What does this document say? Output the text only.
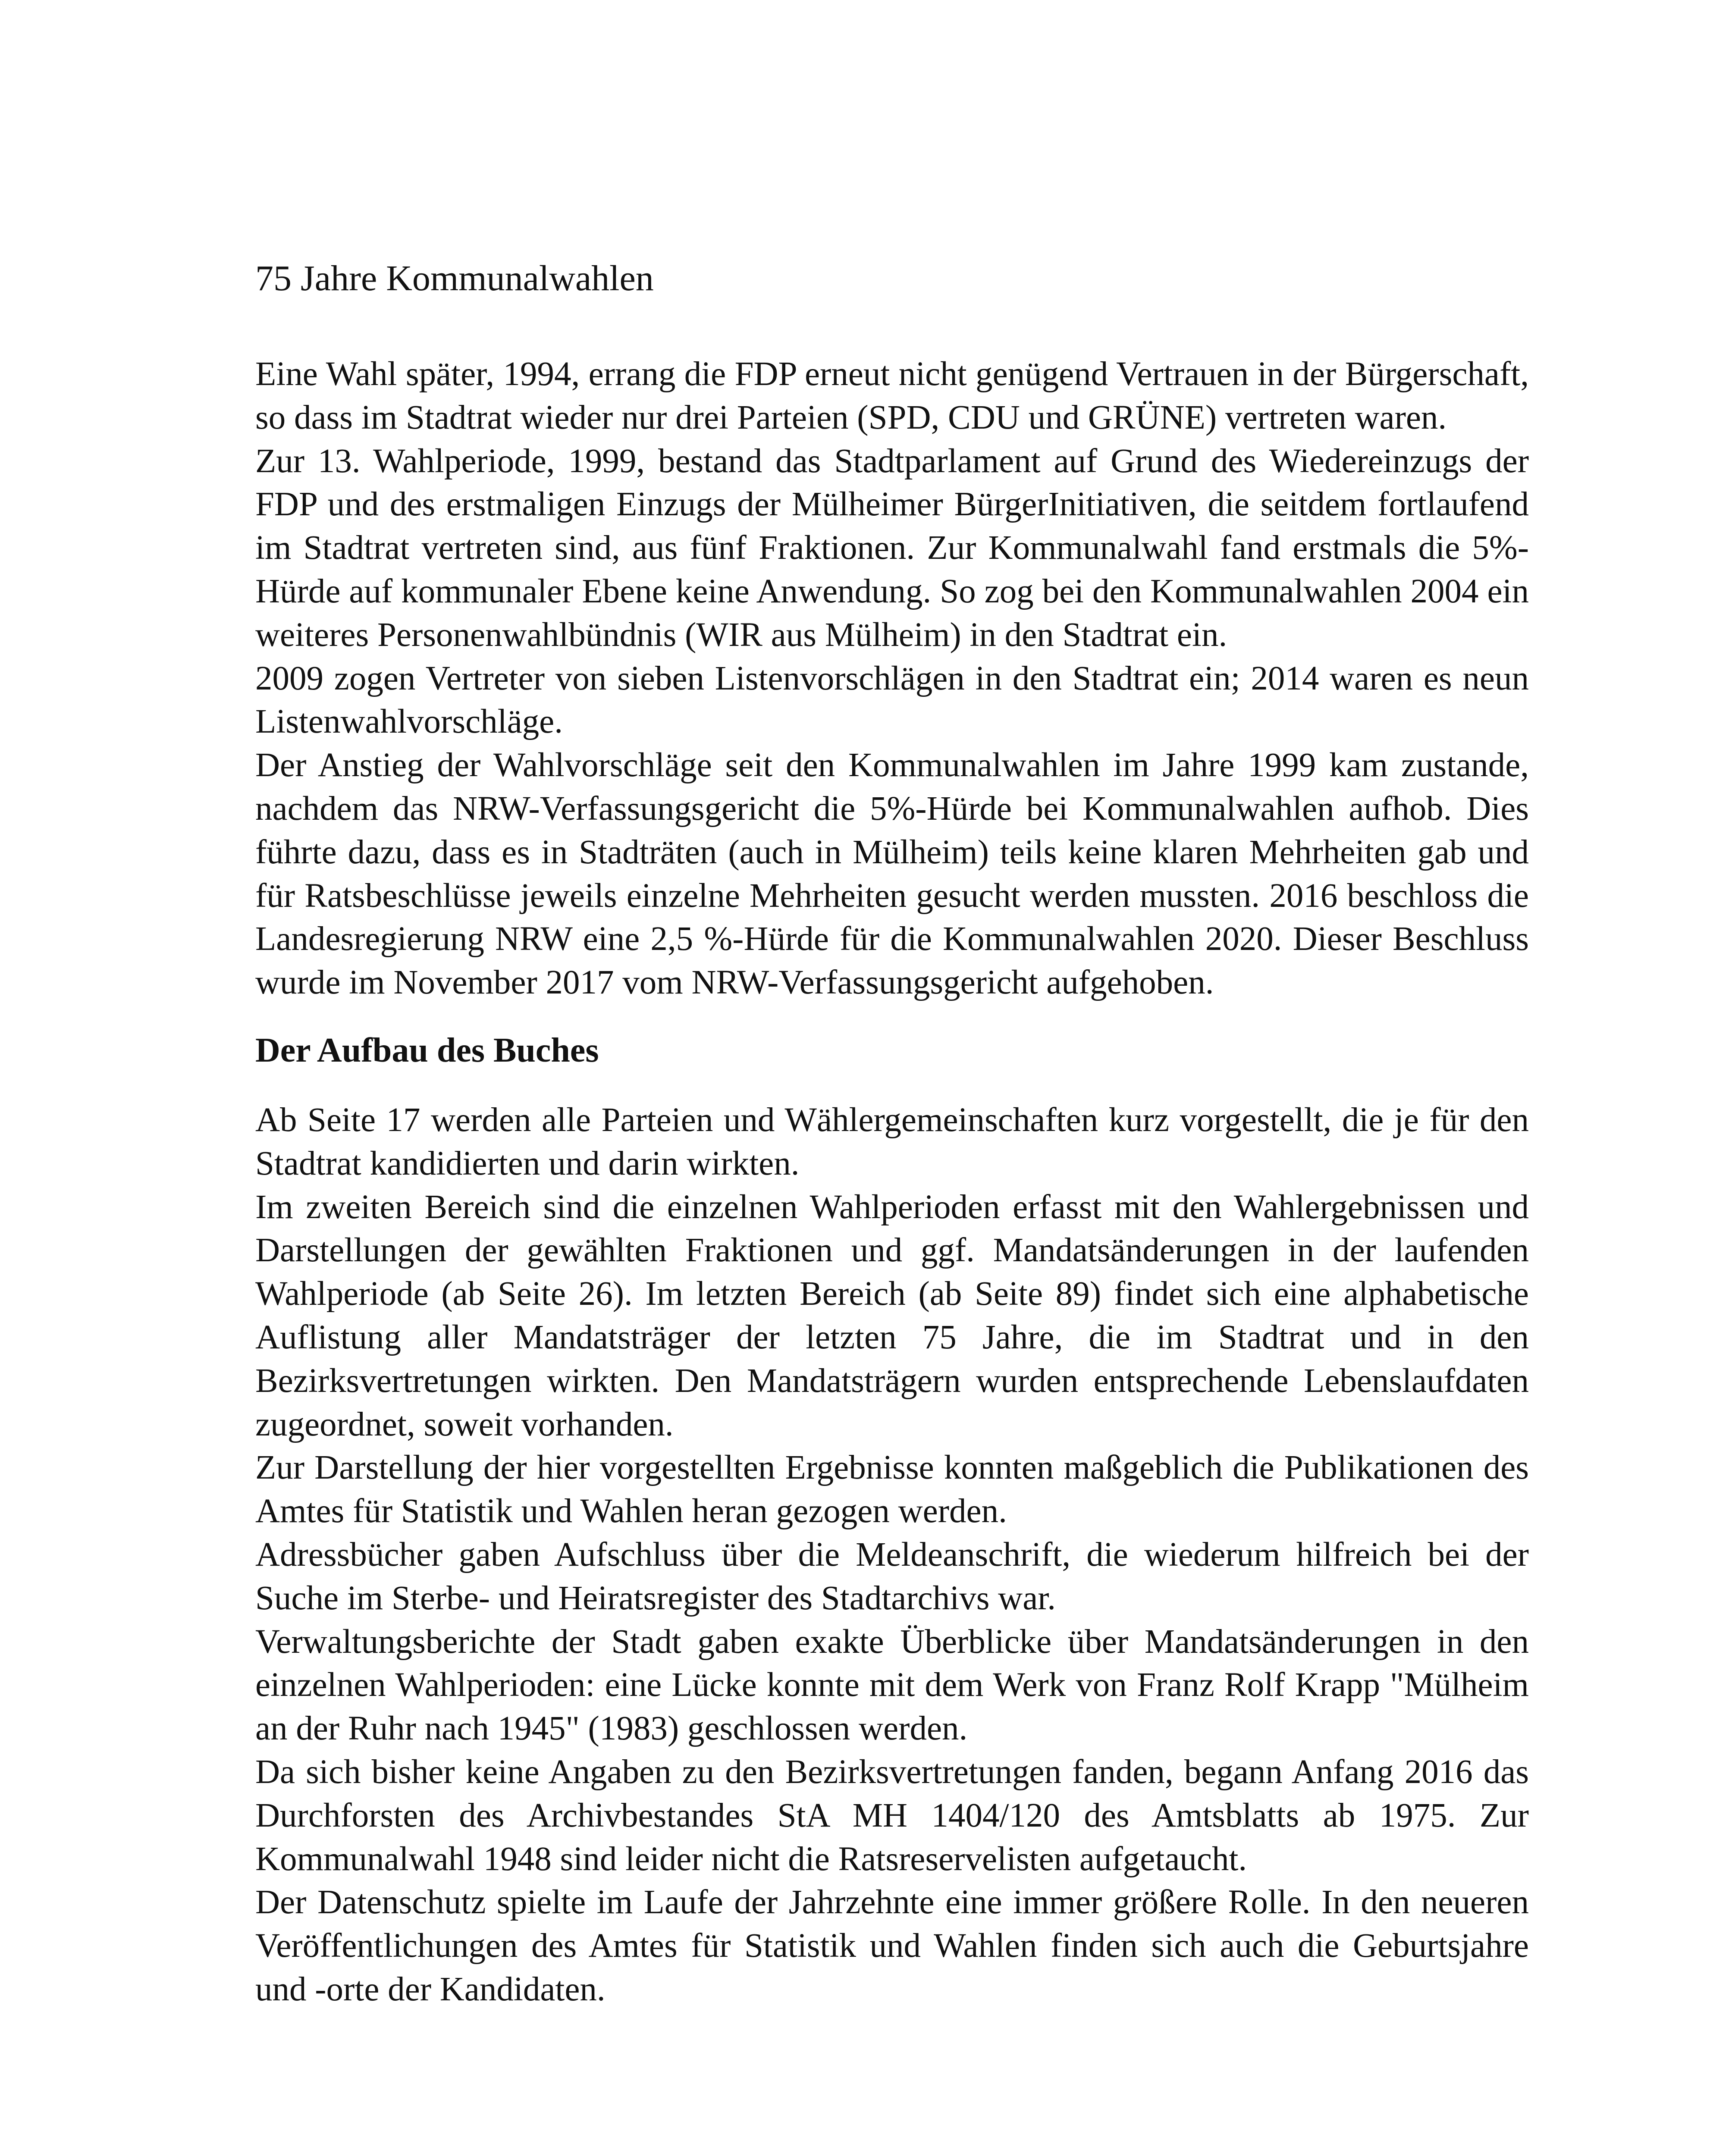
75 Jahre Kommunalwahlen

Eine Wahl später, 1994, errang die FDP erneut nicht genügend Vertrauen in der Bürgerschaft, so dass im Stadtrat wieder nur drei Parteien (SPD, CDU und GRÜNE) vertreten waren.

Zur 13. Wahlperiode, 1999, bestand das Stadtparlament auf Grund des Wiedereinzugs der FDP und des erstmaligen Einzugs der Mülheimer BürgerInitiativen, die seitdem fortlaufend im Stadtrat vertreten sind, aus fünf Fraktionen. Zur Kommunalwahl fand erstmals die 5%-Hürde auf kommunaler Ebene keine Anwendung. So zog bei den Kommunalwahlen 2004 ein weiteres Personenwahlbündnis (WIR aus Mülheim) in den Stadtrat ein.

2009 zogen Vertreter von sieben Listenvorschlägen in den Stadtrat ein; 2014 waren es neun Listenwahlvorschläge.

Der Anstieg der Wahlvorschläge seit den Kommunalwahlen im Jahre 1999 kam zustande, nachdem das NRW-Verfassungsgericht die 5%-Hürde bei Kommunalwahlen aufhob. Dies führte dazu, dass es in Stadträten (auch in Mülheim) teils keine klaren Mehrheiten gab und für Ratsbeschlüsse jeweils einzelne Mehrheiten gesucht werden mussten. 2016 beschloss die Landesregierung NRW eine 2,5 %-Hürde für die Kommunalwahlen 2020. Dieser Beschluss wurde im November 2017 vom NRW-Verfassungsgericht aufgehoben.

Der Aufbau des Buches

Ab Seite 17 werden alle Parteien und Wählergemeinschaften kurz vorgestellt, die je für den Stadtrat kandidierten und darin wirkten.

Im zweiten Bereich sind die einzelnen Wahlperioden erfasst mit den Wahlergebnissen und Darstellungen der gewählten Fraktionen und ggf. Mandatsänderungen in der laufenden Wahlperiode (ab Seite 26). Im letzten Bereich (ab Seite 89) findet sich eine alphabetische Auflistung aller Mandatsträger der letzten 75 Jahre, die im Stadtrat und in den Bezirksvertretungen wirkten. Den Mandatsträgern wurden entsprechende Lebenslaufdaten zugeordnet, soweit vorhanden.

Zur Darstellung der hier vorgestellten Ergebnisse konnten maßgeblich die Publikationen des Amtes für Statistik und Wahlen heran gezogen werden.

Adressbücher gaben Aufschluss über die Meldeanschrift, die wiederum hilfreich bei der Suche im Sterbe- und Heiratsregister des Stadtarchivs war.

Verwaltungsberichte der Stadt gaben exakte Überblicke über Mandatsänderungen in den einzelnen Wahlperioden: eine Lücke konnte mit dem Werk von Franz Rolf Krapp "Mülheim an der Ruhr nach 1945" (1983) geschlossen werden.

Da sich bisher keine Angaben zu den Bezirksvertretungen fanden, begann Anfang 2016 das Durchforsten des Archivbestandes StA MH 1404/120 des Amtsblatts ab 1975. Zur Kommunalwahl 1948 sind leider nicht die Ratsreservelisten aufgetaucht.

Der Datenschutz spielte im Laufe der Jahrzehnte eine immer größere Rolle. In den neueren Veröffentlichungen des Amtes für Statistik und Wahlen finden sich auch die Geburtsjahre und -orte der Kandidaten.
